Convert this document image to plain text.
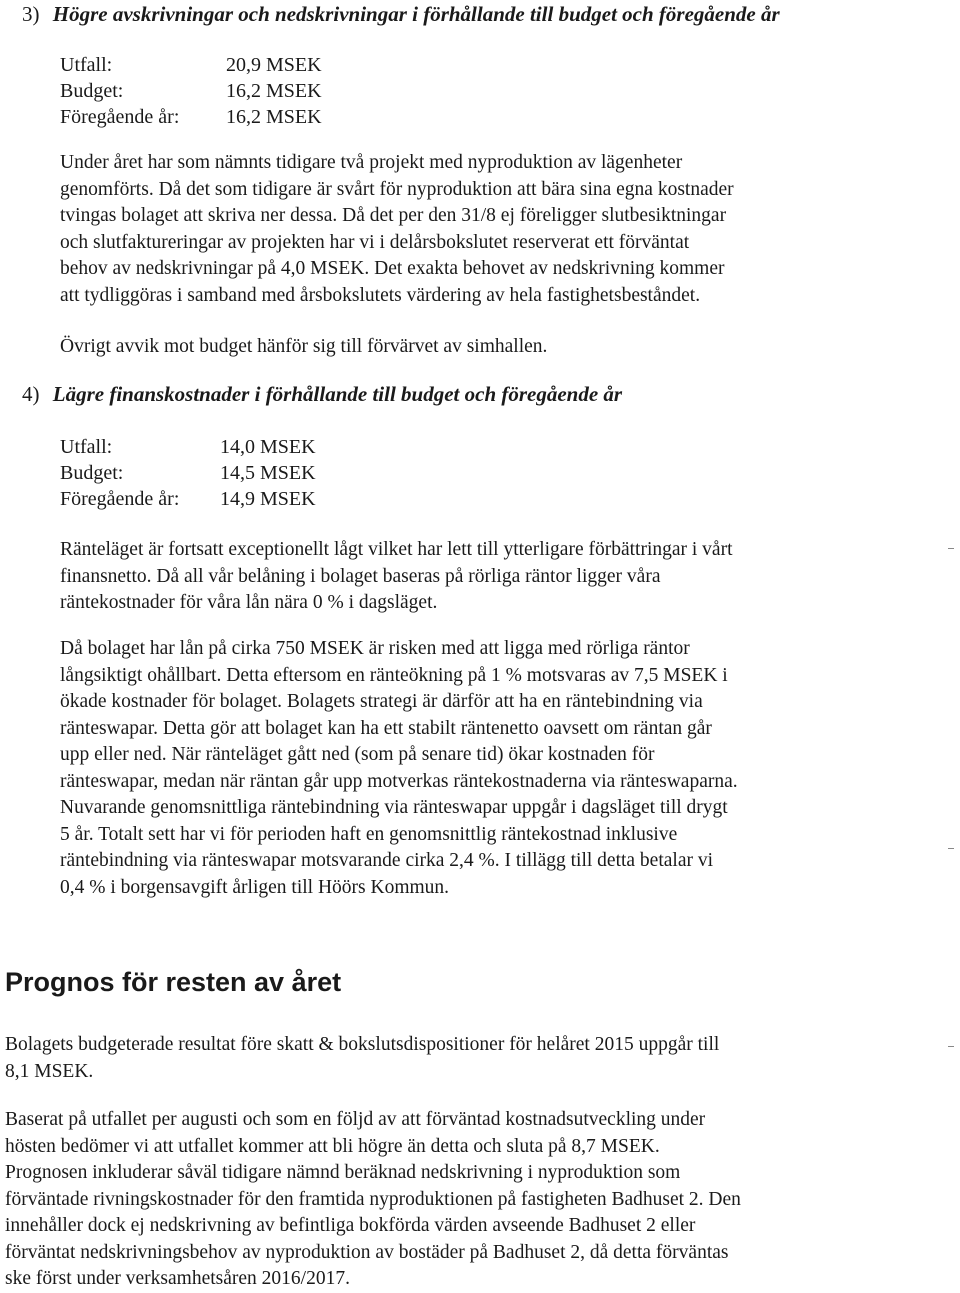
3) Högre avskrivningar och nedskrivningar i förhållande till budget och föregående år
Utfall:	20,9 MSEK
Budget:	16,2 MSEK
Föregående år:	16,2 MSEK
Under året har som nämnts tidigare två projekt med nyproduktion av lägenheter
genomförts. Då det som tidigare är svårt för nyproduktion att bära sina egna kostnader
tvingas bolaget att skriva ner dessa. Då det per den 31/8 ej föreligger slutbesiktningar
och slutfaktureringar av projekten har vi i delårsbokslutet reserverat ett förväntat
behov av nedskrivningar på 4,0 MSEK. Det exakta behovet av nedskrivning kommer
att tydliggöras i samband med årsbokslutets värdering av hela fastighetsbeståndet.
Övrigt avvik mot budget hänför sig till förvärvet av simhallen.
4) Lägre finanskostnader i förhållande till budget och föregående år
Utfall:	14,0 MSEK
Budget:	14,5 MSEK
Föregående år:	14,9 MSEK
Ränteläget är fortsatt exceptionellt lågt vilket har lett till ytterligare förbättringar i vårt
finansnetto. Då all vår belåning i bolaget baseras på rörliga räntor ligger våra
räntekostnader för våra lån nära 0 % i dagsläget.
Då bolaget har lån på cirka 750 MSEK är risken med att ligga med rörliga räntor
långsiktigt ohållbart. Detta eftersom en ränteökning på 1 % motsvaras av 7,5 MSEK i
ökade kostnader för bolaget. Bolagets strategi är därför att ha en räntebindning via
ränteswapar. Detta gör att bolaget kan ha ett stabilt räntenetto oavsett om räntan går
upp eller ned. När ränteläget gått ned (som på senare tid) ökar kostnaden för
ränteswapar, medan när räntan går upp motverkas räntekostnaderna via ränteswaparna.
Nuvarande genomsnittliga räntebindning via ränteswapar uppgår i dagsläget till drygt
5 år. Totalt sett har vi för perioden haft en genomsnittlig räntekostnad inklusive
räntebindning via ränteswapar motsvarande cirka 2,4 %. I tillägg till detta betalar vi
0,4 % i borgensavgift årligen till Höörs Kommun.
Prognos för resten av året
Bolagets budgeterade resultat före skatt & bokslutsdispositioner för helåret 2015 uppgår till
8,1 MSEK.
Baserat på utfallet per augusti och som en följd av att förväntad kostnadsutveckling under
hösten bedömer vi att utfallet kommer att bli högre än detta och sluta på 8,7 MSEK.
Prognosen inkluderar såväl tidigare nämnd beräknad nedskrivning i nyproduktion som
förväntade rivningskostnader för den framtida nyproduktionen på fastigheten Badhuset 2. Den
innehåller dock ej nedskrivning av befintliga bokförda värden avseende Badhuset 2 eller
förväntat nedskrivningsbehov av nyproduktion av bostäder på Badhuset 2, då detta förväntas
ske först under verksamhetsåren 2016/2017.
